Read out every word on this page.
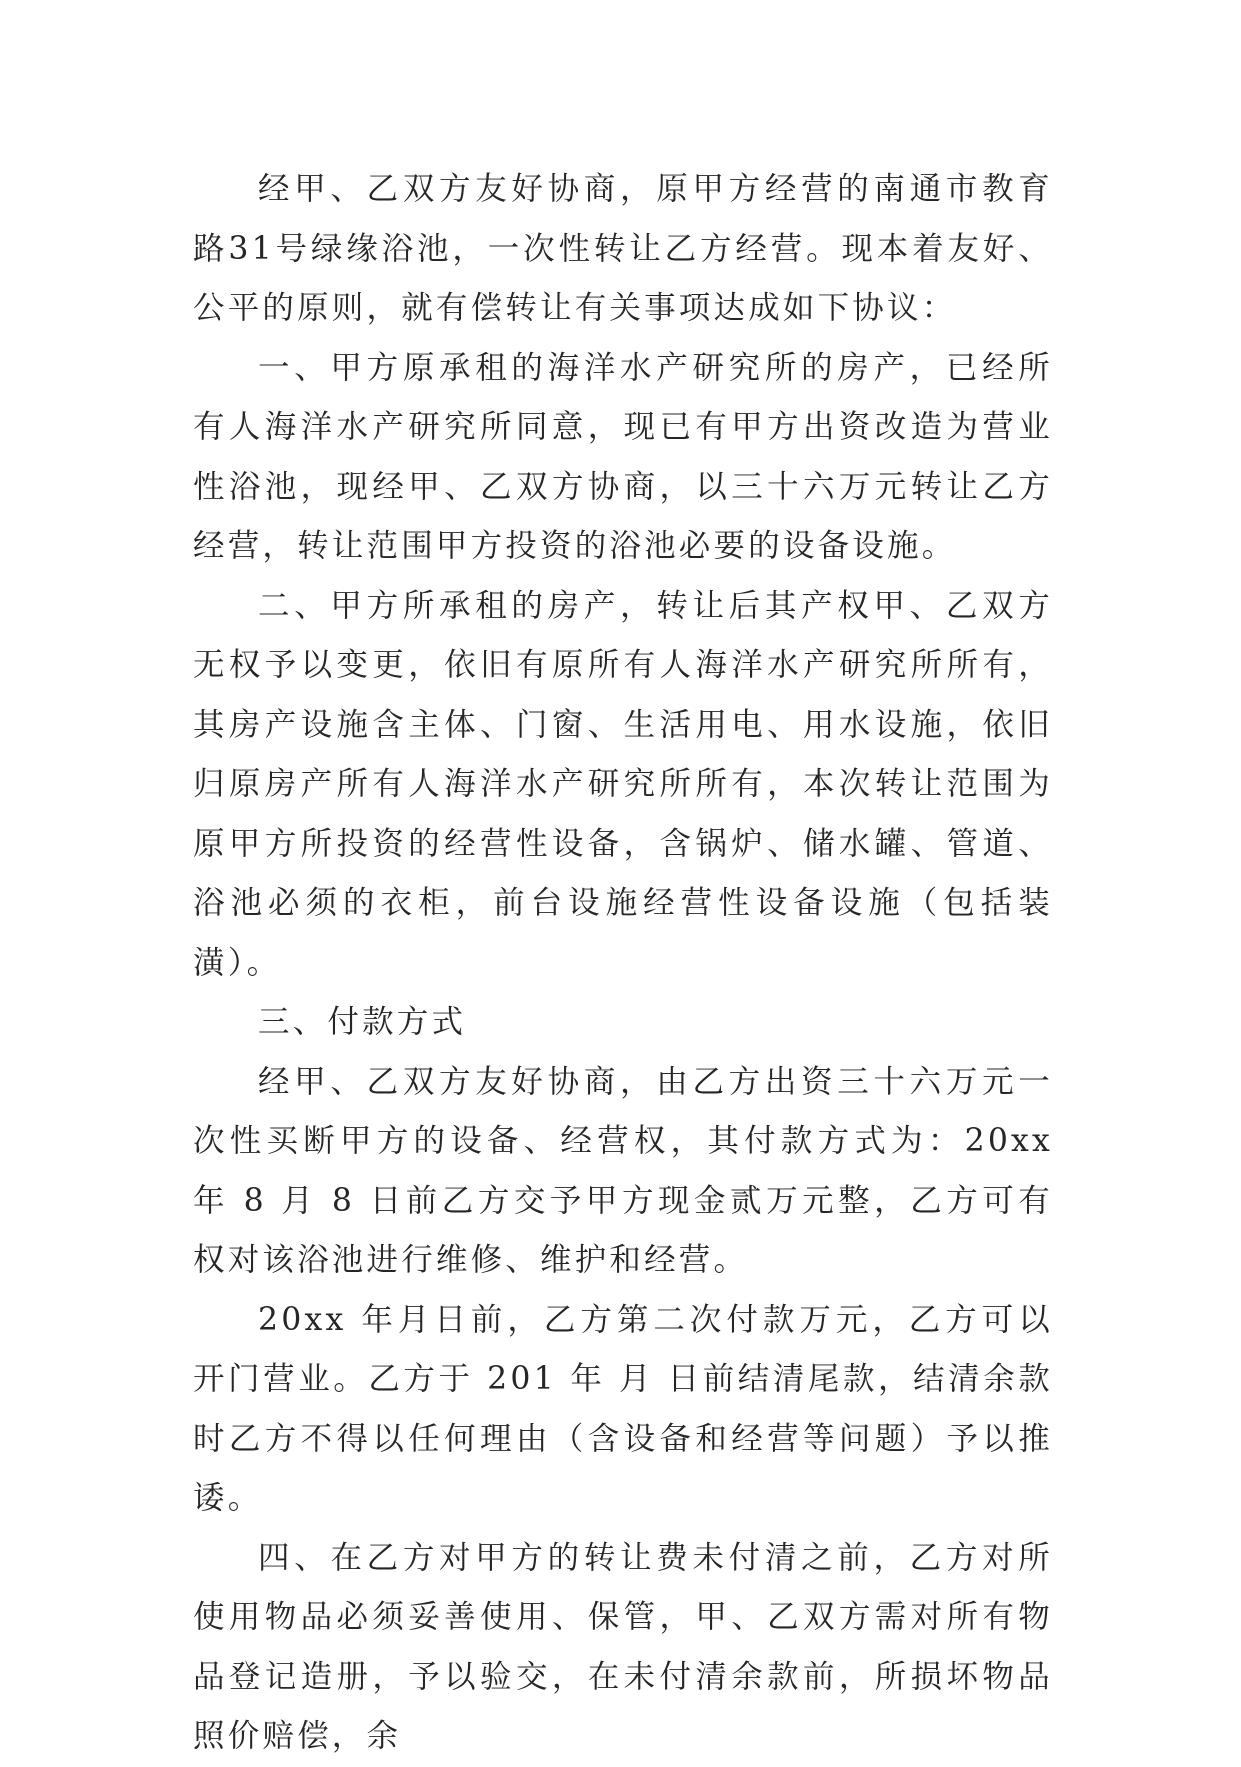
经甲、乙双方友好协商，原甲方经营的南通市教育路31号绿缘浴池，一次性转让乙方经营。现本着友好、公平的原则，就有偿转让有关事项达成如下协议：

一、甲方原承租的海洋水产研究所的房产，已经所有人海洋水产研究所同意，现已有甲方出资改造为营业性浴池，现经甲、乙双方协商，以三十六万元转让乙方经营，转让范围甲方投资的浴池必要的设备设施。

二、甲方所承租的房产，转让后其产权甲、乙双方无权予以变更，依旧有原所有人海洋水产研究所所有，其房产设施含主体、门窗、生活用电、用水设施，依旧归原房产所有人海洋水产研究所所有，本次转让范围为原甲方所投资的经营性设备，含锅炉、储水罐、管道、浴池必须的衣柜，前台设施经营性设备设施（包括装潢）。

三、付款方式

经甲、乙双方友好协商，由乙方出资三十六万元一次性买断甲方的设备、经营权，其付款方式为：20xx 年 8 月 8 日前乙方交予甲方现金贰万元整，乙方可有权对该浴池进行维修、维护和经营。

20xx 年月日前，乙方第二次付款万元，乙方可以开门营业。乙方于 201 年 月 日前结清尾款，结清余款时乙方不得以任何理由（含设备和经营等问题）予以推诿。

四、在乙方对甲方的转让费未付清之前，乙方对所使用物品必须妥善使用、保管，甲、乙双方需对所有物品登记造册，予以验交，在未付清余款前，所损坏物品照价赔偿，余
